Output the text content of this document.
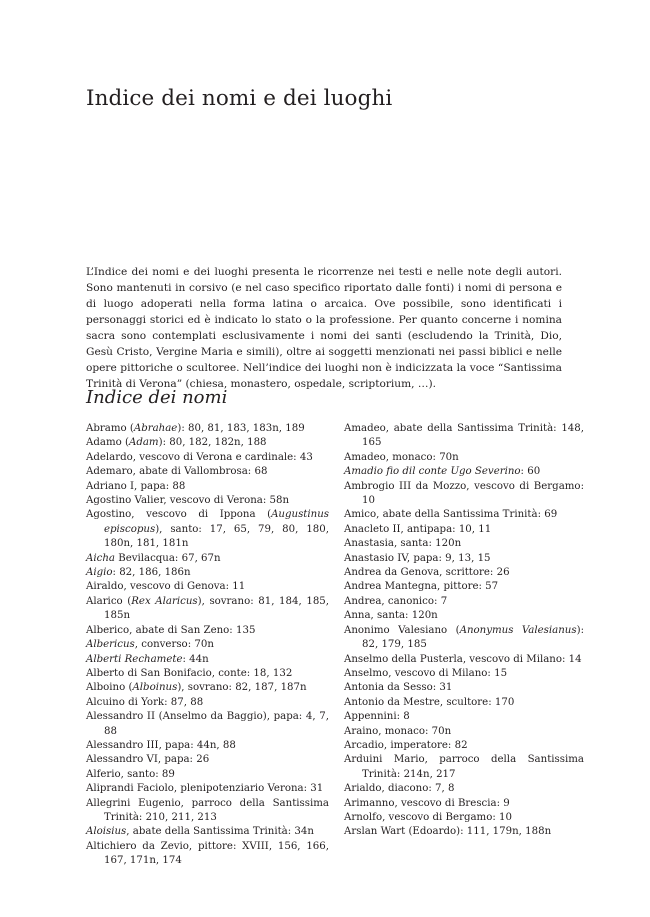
Indice dei nomi e dei luoghi

L’Indice dei nomi e dei luoghi presenta le ricorrenze nei testi e nelle note degli autori. Sono mantenuti in corsivo (e nel caso specifico riportato dalle fonti) i nomi di persona e di luogo adoperati nella forma latina o arcaica. Ove possibile, sono identificati i personaggi storici ed è indicato lo stato o la professione. Per quanto concerne i nomina sacra sono contemplati esclusivamente i nomi dei santi (escludendo la Trinità, Dio, Gesù Cristo, Vergine Maria e simili), oltre ai soggetti menzionati nei passi biblici e nelle opere pittoriche o scultoree. Nell’indice dei luoghi non è indicizzata la voce “Santissima Trinità di Verona” (chiesa, monastero, ospedale, scriptorium, …).

Indice dei nomi
Abramo (Abrahae): 80, 81, 183, 183n, 189
Adamo (Adam): 80, 182, 182n, 188
Adelardo, vescovo di Verona e cardinale: 43
Ademaro, abate di Vallombrosa: 68
Adriano I, papa: 88
Agostino Valier, vescovo di Verona: 58n
Agostino, vescovo di Ippona (Augustinus episcopus), santo: 17, 65, 79, 80, 180, 180n, 181, 181n
Aicha Bevilacqua: 67, 67n
Aigio: 82, 186, 186n
Airaldo, vescovo di Genova: 11
Alarico (Rex Alaricus), sovrano: 81, 184, 185, 185n
Alberico, abate di San Zeno: 135
Albericus, converso: 70n
Alberti Rechamete: 44n
Alberto di San Bonifacio, conte: 18, 132
Alboino (Alboinus), sovrano: 82, 187, 187n
Alcuino di York: 87, 88
Alessandro II (Anselmo da Baggio), papa: 4, 7, 88
Alessandro III, papa: 44n, 88
Alessandro VI, papa: 26
Alferio, santo: 89
Aliprandi Faciolo, plenipotenziario Verona: 31
Allegrini Eugenio, parroco della Santissima Trinità: 210, 211, 213
Aloisius, abate della Santissima Trinità: 34n
Altichiero da Zevio, pittore: XVIII, 156, 166, 167, 171n, 174
Amadeo, abate della Santissima Trinità: 148, 165
Amadeo, monaco: 70n
Amadio fio dil conte Ugo Severino: 60
Ambrogio III da Mozzo, vescovo di Bergamo: 10
Amico, abate della Santissima Trinità: 69
Anacleto II, antipapa: 10, 11
Anastasia, santa: 120n
Anastasio IV, papa: 9, 13, 15
Andrea da Genova, scrittore: 26
Andrea Mantegna, pittore: 57
Andrea, canonico: 7
Anna, santa: 120n
Anonimo Valesiano (Anonymus Valesianus): 82, 179, 185
Anselmo della Pusterla, vescovo di Milano: 14
Anselmo, vescovo di Milano: 15
Antonia da Sesso: 31
Antonio da Mestre, scultore: 170
Appennini: 8
Araino, monaco: 70n
Arcadio, imperatore: 82
Arduini Mario, parroco della Santissima Trinità: 214n, 217
Arialdo, diacono: 7, 8
Arimanno, vescovo di Brescia: 9
Arnolfo, vescovo di Bergamo: 10
Arslan Wart (Edoardo): 111, 179n, 188n
